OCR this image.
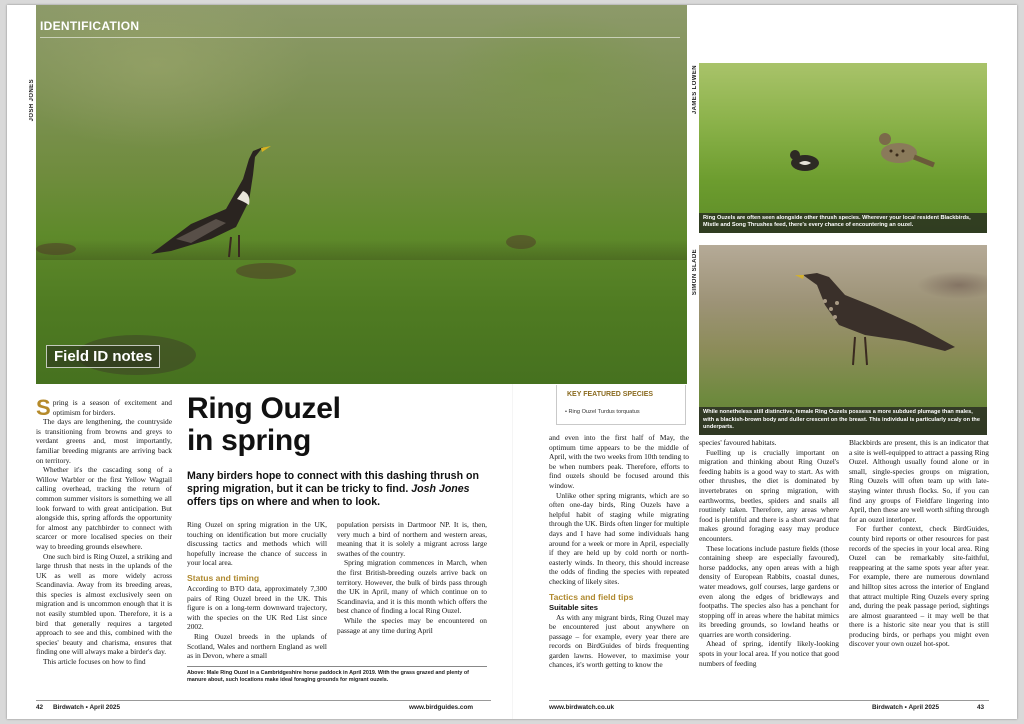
IDENTIFICATION
Field ID notes
JOSH JONES
Ring Ouzels are often seen alongside other thrush species. Wherever your local resident Blackbirds, Mistle and Song Thrushes feed, there's every chance of encountering an ouzel.
JAMES LOWEN
While nonetheless still distinctive, female Ring Ouzels possess a more subdued plumage than males, with a blackish-brown body and duller crescent on the breast. This individual is particularly scaly on the underparts.
SIMON SLADE
KEY FEATURED SPECIES
• Ring Ouzel Turdus torquatus
Ring Ouzel
in spring
Many birders hope to connect with this dashing thrush on spring migration, but it can be tricky to find. Josh Jones offers tips on where and when to look.

Spring is a season of excitement and optimism for birders.

The days are lengthening, the countryside is transitioning from browns and greys to verdant greens and, most importantly, familiar breeding migrants are arriving back on territory.

Whether it's the cascading song of a Willow Warbler or the first Yellow Wagtail calling overhead, tracking the return of common summer visitors is something we all look forward to with great anticipation. But alongside this, spring affords the opportunity for almost any patchbirder to connect with scarcer or more localised species on their way to breeding grounds elsewhere.

One such bird is Ring Ouzel, a striking and large thrush that nests in the uplands of the UK as well as more widely across Scandinavia. Away from its breeding areas, this species is almost exclusively seen on migration and is uncommon enough that it is not easily stumbled upon. Therefore, it is a bird that generally requires a targeted approach to see and this, combined with the species' beauty and charisma, ensures that finding one will always make a birder's day.

This article focuses on how to find

Ring Ouzel on spring migration in the UK, touching on identification but more crucially discussing tactics and methods which will hopefully increase the chance of success in your local area.

Status and timing

According to BTO data, approximately 7,300 pairs of Ring Ouzel breed in the UK. This figure is on a long-term downward trajectory, with the species on the UK Red List since 2002.

Ring Ouzel breeds in the uplands of Scotland, Wales and northern England as well as in Devon, where a small

population persists in Dartmoor NP. It is, then, very much a bird of northern and western areas, meaning that it is solely a migrant across large swathes of the country.

Spring migration commences in March, when the first British-breeding ouzels arrive back on territory. However, the bulk of birds pass through the UK in April, many of which continue on to Scandinavia, and it is this month which offers the best chance of finding a local Ring Ouzel.

While the species may be encountered on passage at any time during April

Above: Male Ring Ouzel in a Cambridgeshire horse paddock in April 2019. With the grass grazed and plenty of manure about, such locations make ideal foraging grounds for migrant ouzels.

and even into the first half of May, the optimum time appears to be the middle of April, with the two weeks from 10th tending to be when numbers peak. Therefore, efforts to find ouzels should be focused around this window.

Unlike other spring migrants, which are so often one-day birds, Ring Ouzels have a helpful habit of staging while migrating through the UK. Birds often linger for multiple days and I have had some individuals hang around for a week or more in April, especially if they are held up by cold north or north-easterly winds. In theory, this should increase the odds of finding the species with repeated checking of likely sites.

Tactics and field tips
Suitable sites

As with any migrant birds, Ring Ouzel may be encountered just about anywhere on passage – for example, every year there are records on BirdGuides of birds frequenting garden lawns. However, to maximise your chances, it's worth getting to know the

species' favoured habitats.

Fuelling up is crucially important on migration and thinking about Ring Ouzel's feeding habits is a good way to start. As with other thrushes, the diet is dominated by invertebrates on spring migration, with earthworms, beetles, spiders and snails all routinely taken. Therefore, any areas where food is plentiful and there is a short sward that makes ground foraging easy may produce encounters.

These locations include pasture fields (those containing sheep are especially favoured), horse paddocks, any open areas with a high density of European Rabbits, coastal dunes, water meadows, golf courses, large gardens or even along the edges of bridleways and footpaths. The species also has a penchant for stopping off in areas where the habitat mimics its breeding grounds, so lowland heaths or quarries are worth considering.

Ahead of spring, identify likely-looking spots in your local area. If you notice that good numbers of feeding

Blackbirds are present, this is an indicator that a site is well-equipped to attract a passing Ring Ouzel. Although usually found alone or in small, single-species groups on migration, Ring Ouzels will often team up with late-staying winter thrush flocks. So, if you can find any groups of Fieldfare lingering into April, then these are well worth sifting through for an ouzel interloper.

For further context, check BirdGuides, county bird reports or other resources for past records of the species in your local area. Ring Ouzel can be remarkably site-faithful, reappearing at the same spots year after year. For example, there are numerous downland and hilltop sites across the interior of England that attract multiple Ring Ouzels every spring and, during the peak passage period, sightings are almost guaranteed – it may well be that there is a historic site near you that is still producing birds, or perhaps you might even discover your own ouzel hot-spot.

42 Birdwatch • April 2025	www.birdguides.com	www.birdwatch.co.uk	Birdwatch • April 2025	43
